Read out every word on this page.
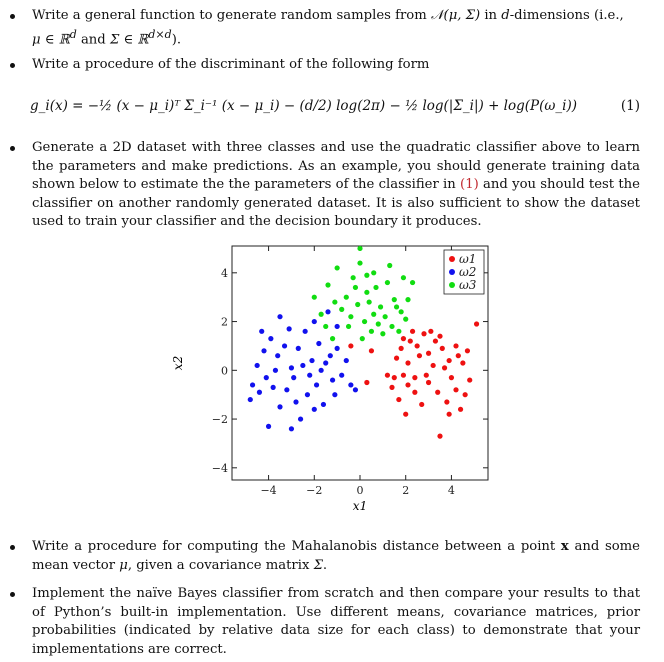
Write a general function to generate random samples from 𝒩(μ, Σ) in d-dimensions (i.e.,
μ ∈ ℝ$^d$ and Σ ∈ ℝ$^{d\times d}$).
Write a procedure of the discriminant of the following form
g_i(x) = −½ (x − μ_i)ᵀ Σ_i⁻¹ (x − μ_i) − (d/2) log(2π) − ½ log(|Σ_i|) + log(P(ω_i))	(1)
Generate a 2D dataset with three classes and use the quadratic classifier above to learn the parameters and make predictions. As an example, you should generate training data shown below to estimate the the parameters of the classifier in (1) and you should test the classifier on another randomly generated dataset. It is also sufficient to show the dataset used to train your classifier and the decision boundary it produces.
−4	−2	0	2	4
−4
−2
0
2
4
ω1
ω2
ω3
x1
x2
Write a procedure for computing the Mahalanobis distance between a point x and some mean vector μ, given a covariance matrix Σ.
Implement the naïve Bayes classifier from scratch and then compare your results to that of Python’s built-in implementation. Use different means, covariance matrices, prior probabilities (indicated by relative data size for each class) to demonstrate that your implementations are correct.
